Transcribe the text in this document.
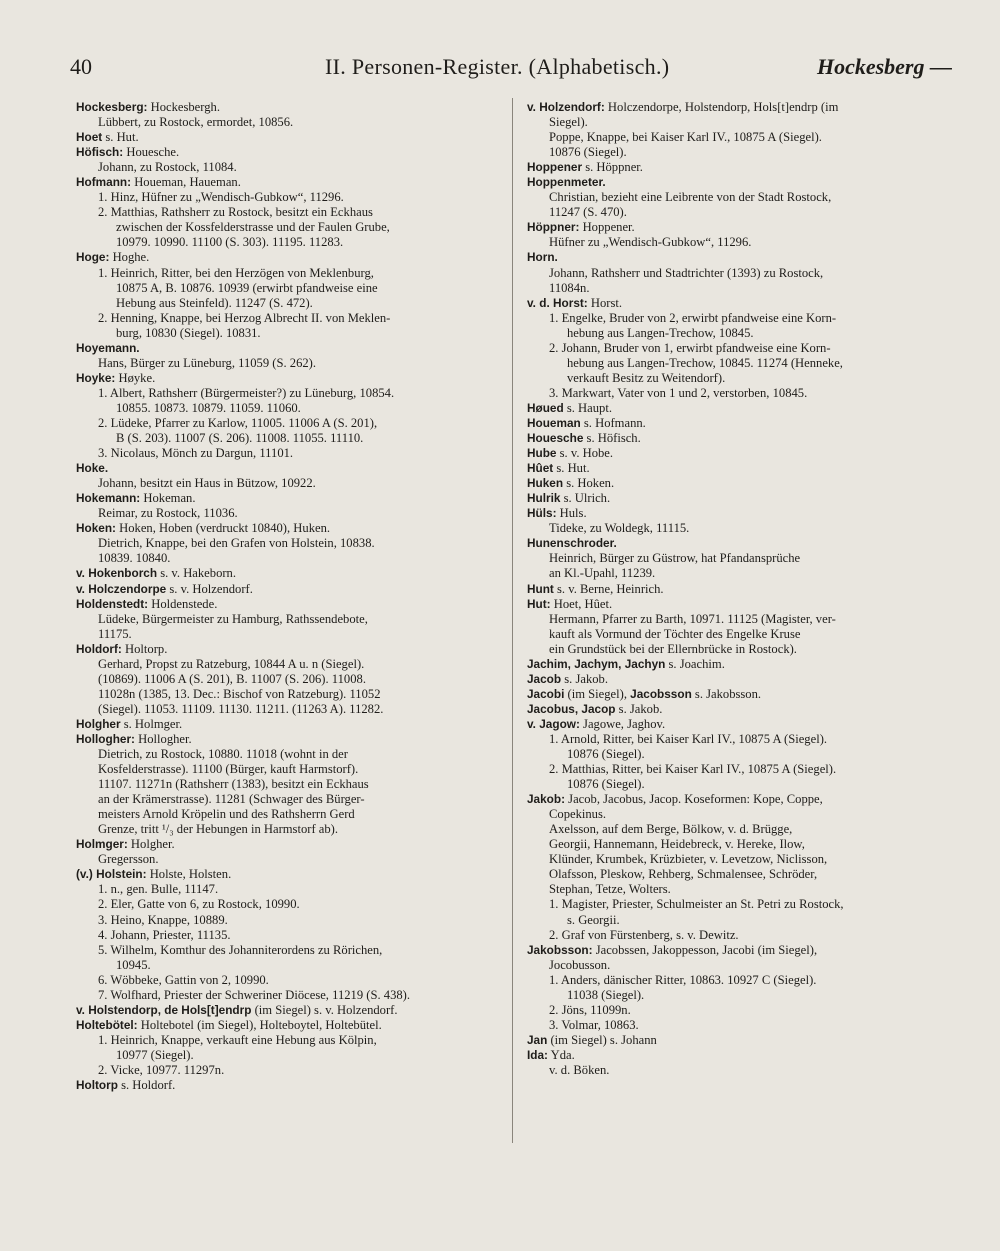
40	II. Personen-Register. (Alphabetisch.)	Hockesberg —
Hockesberg: Hockesbergh.
Lübbert, zu Rostock, ermordet, 10856.
Hoet s. Hut.
Höfisch: Houesche.
Johann, zu Rostock, 11084.
Hofmann: Houeman, Haueman.
1. Hinz, Hüfner zu „Wendisch-Gubkow“, 11296.
2. Matthias, Rathsherr zu Rostock, besitzt ein Eckhaus
zwischen der Kossfelderstrasse und der Faulen Grube,
10979. 10990. 11100 (S. 303). 11195. 11283.
Hoge: Hoghe.
1. Heinrich, Ritter, bei den Herzögen von Meklenburg,
10875 A, B. 10876. 10939 (erwirbt pfandweise eine
Hebung aus Steinfeld). 11247 (S. 472).
2. Henning, Knappe, bei Herzog Albrecht II. von Meklen-
burg, 10830 (Siegel). 10831.
Hoyemann.
Hans, Bürger zu Lüneburg, 11059 (S. 262).
Hoyke: Høyke.
1. Albert, Rathsherr (Bürgermeister?) zu Lüneburg, 10854.
10855. 10873. 10879. 11059. 11060.
2. Lüdeke, Pfarrer zu Karlow, 11005. 11006 A (S. 201),
B (S. 203). 11007 (S. 206). 11008. 11055. 11110.
3. Nicolaus, Mönch zu Dargun, 11101.
Hoke.
Johann, besitzt ein Haus in Bützow, 10922.
Hokemann: Hokeman.
Reimar, zu Rostock, 11036.
Hoken: Hoken, Hoben (verdruckt 10840), Huken.
Dietrich, Knappe, bei den Grafen von Holstein, 10838.
10839. 10840.
v. Hokenborch s. v. Hakeborn.
v. Holczendorpe s. v. Holzendorf.
Holdenstedt: Holdenstede.
Lüdeke, Bürgermeister zu Hamburg, Rathssendebote,
11175.
Holdorf: Holtorp.
Gerhard, Propst zu Ratzeburg, 10844 A u. n (Siegel).
(10869). 11006 A (S. 201), B. 11007 (S. 206). 11008.
11028n (1385, 13. Dec.: Bischof von Ratzeburg). 11052
(Siegel). 11053. 11109. 11130. 11211. (11263 A). 11282.
Holgher s. Holmger.
Hollogher: Hollogher.
Dietrich, zu Rostock, 10880. 11018 (wohnt in der
Kosfelderstrasse). 11100 (Bürger, kauft Harmstorf).
11107. 11271n (Rathsherr (1383), besitzt ein Eckhaus
an der Krämerstrasse). 11281 (Schwager des Bürger-
meisters Arnold Kröpelin und des Rathsherrn Gerd
Grenze, tritt ¹/₃ der Hebungen in Harmstorf ab).
Holmger: Holgher.
Gregersson.
(v.) Holstein: Holste, Holsten.
1. n., gen. Bulle, 11147.
2. Eler, Gatte von 6, zu Rostock, 10990.
3. Heino, Knappe, 10889.
4. Johann, Priester, 11135.
5. Wilhelm, Komthur des Johanniterordens zu Rörichen,
10945.
6. Wöbbeke, Gattin von 2, 10990.
7. Wolfhard, Priester der Schweriner Diöcese, 11219 (S. 438).
v. Holstendorp, de Hols[t]endrp (im Siegel) s. v. Holzendorf.
Holtebötel: Holtebotel (im Siegel), Holteboytel, Holtebütel.
1. Heinrich, Knappe, verkauft eine Hebung aus Kölpin,
10977 (Siegel).
2. Vicke, 10977. 11297n.
Holtorp s. Holdorf.
v. Holzendorf: Holczendorpe, Holstendorp, Hols[t]endrp (im
Siegel).
Poppe, Knappe, bei Kaiser Karl IV., 10875 A (Siegel).
10876 (Siegel).
Hoppener s. Höppner.
Hoppenmeter.
Christian, bezieht eine Leibrente von der Stadt Rostock,
11247 (S. 470).
Höppner: Hoppener.
Hüfner zu „Wendisch-Gubkow“, 11296.
Horn.
Johann, Rathsherr und Stadtrichter (1393) zu Rostock,
11084n.
v. d. Horst: Horst.
1. Engelke, Bruder von 2, erwirbt pfandweise eine Korn-
hebung aus Langen-Trechow, 10845.
2. Johann, Bruder von 1, erwirbt pfandweise eine Korn-
hebung aus Langen-Trechow, 10845. 11274 (Henneke,
verkauft Besitz zu Weitendorf).
3. Markwart, Vater von 1 und 2, verstorben, 10845.
Høued s. Haupt.
Houeman s. Hofmann.
Houesche s. Höfisch.
Hube s. v. Hobe.
Hûet s. Hut.
Huken s. Hoken.
Hulrik s. Ulrich.
Hüls: Huls.
Tideke, zu Woldegk, 11115.
Hunenschroder.
Heinrich, Bürger zu Güstrow, hat Pfandansprüche
an Kl.-Upahl, 11239.
Hunt s. v. Berne, Heinrich.
Hut: Hoet, Hûet.
Hermann, Pfarrer zu Barth, 10971. 11125 (Magister, ver-
kauft als Vormund der Töchter des Engelke Kruse
ein Grundstück bei der Ellernbrücke in Rostock).
Jachim, Jachym, Jachyn s. Joachim.
Jacob s. Jakob.
Jacobi (im Siegel), Jacobsson s. Jakobsson.
Jacobus, Jacop s. Jakob.
v. Jagow: Jagowe, Jaghov.
1. Arnold, Ritter, bei Kaiser Karl IV., 10875 A (Siegel).
10876 (Siegel).
2. Matthias, Ritter, bei Kaiser Karl IV., 10875 A (Siegel).
10876 (Siegel).
Jakob: Jacob, Jacobus, Jacop. Koseformen: Kope, Coppe,
Copekinus.
Axelsson, auf dem Berge, Bölkow, v. d. Brügge,
Georgii, Hannemann, Heidebreck, v. Hereke, Ilow,
Klünder, Krumbek, Krüzbieter, v. Levetzow, Niclisson,
Olafsson, Pleskow, Rehberg, Schmalensee, Schröder,
Stephan, Tetze, Wolters.
1. Magister, Priester, Schulmeister an St. Petri zu Rostock,
s. Georgii.
2. Graf von Fürstenberg, s. v. Dewitz.
Jakobsson: Jacobssen, Jakoppesson, Jacobi (im Siegel),
Jocobusson.
1. Anders, dänischer Ritter, 10863. 10927 C (Siegel).
11038 (Siegel).
2. Jöns, 11099n.
3. Volmar, 10863.
Jan (im Siegel) s. Johann
Ida: Yda.
v. d. Böken.
